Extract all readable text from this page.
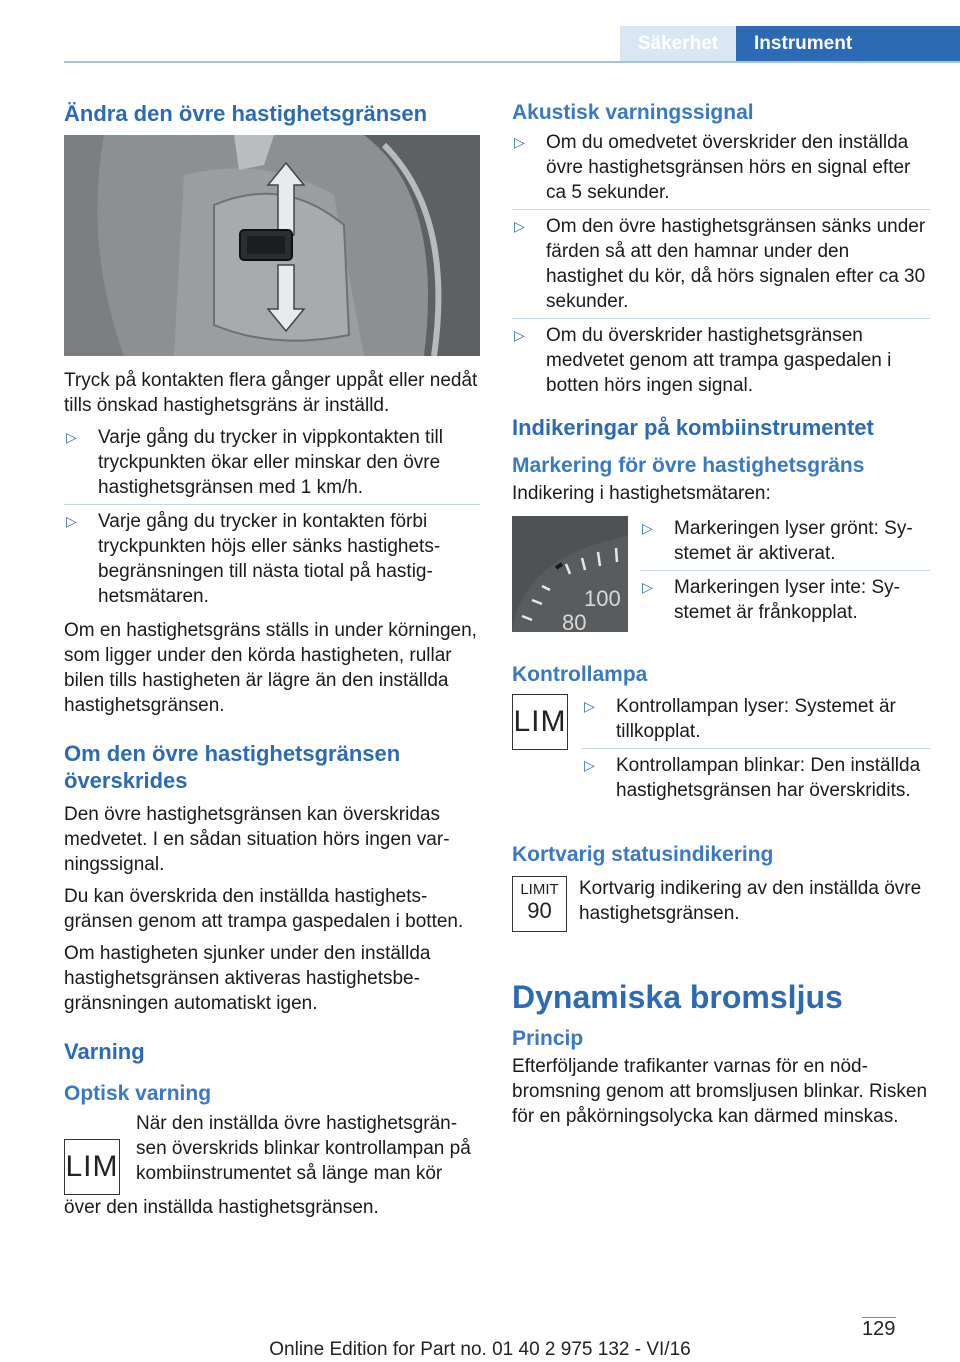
Säkerhet	Instrument
Ändra den övre hastighetsgränsen

Tryck på kontakten flera gånger uppåt eller nedåt tills önskad hastighetsgräns är inställd.

▷ Varje gång du trycker in vippkontakten till tryckpunkten ökar eller minskar den övre hastighetsgränsen med 1 km/h.
▷ Varje gång du trycker in kontakten förbi tryckpunkten höjs eller sänks hastighetsbegränsningen till nästa tiotal på hastighetsmätaren.

Om en hastighetsgräns ställs in under körningen, som ligger under den körda hastigheten, rullar bilen tills hastigheten är lägre än den inställda hastighetsgränsen.

Om den övre hastighetsgränsen överskrides

Den övre hastighetsgränsen kan överskridas medvetet. I en sådan situation hörs ingen varningssignal.

Du kan överskrida den inställda hastighetsgränsen genom att trampa gaspedalen i botten.

Om hastigheten sjunker under den inställda hastighetsgränsen aktiveras hastighetsbegränsningen automatiskt igen.

Varning
Optisk varning
LIM

När den inställda övre hastighetsgränsen överskrids blinkar kontrollampan på kombiinstrumentet så länge man kör

över den inställda hastighetsgränsen.

Akustisk varningssignal
▷ Om du omedvetet överskrider den inställda övre hastighetsgränsen hörs en signal efter ca 5 sekunder.
▷ Om den övre hastighetsgränsen sänks under färden så att den hamnar under den hastighet du kör, då hörs signalen efter ca 30 sekunder.
▷ Om du överskrider hastighetsgränsen medvetet genom att trampa gaspedalen i botten hörs ingen signal.
Indikeringar på kombiinstrumentet
Markering för övre hastighetsgräns

Indikering i hastighetsmätaren:

100
80
▷ Markeringen lyser grönt: Systemet är aktiverat.
▷ Markeringen lyser inte: Systemet är frånkopplat.
Kontrollampa
LIM ▷ Kontrollampan lyser: Systemet är tillkopplat.
▷ Kontrollampan blinkar: Den inställda hastighetsgränsen har överskridits.
Kortvarig statusindikering
LIMIT
90

Kortvarig indikering av den inställda övre hastighetsgränsen.

Dynamiska bromsljus
Princip

Efterföljande trafikanter varnas för en nödbromsning genom att bromsljusen blinkar. Risken för en påkörningsolycka kan därmed minskas.

129
Online Edition for Part no. 01 40 2 975 132 - VI/16
